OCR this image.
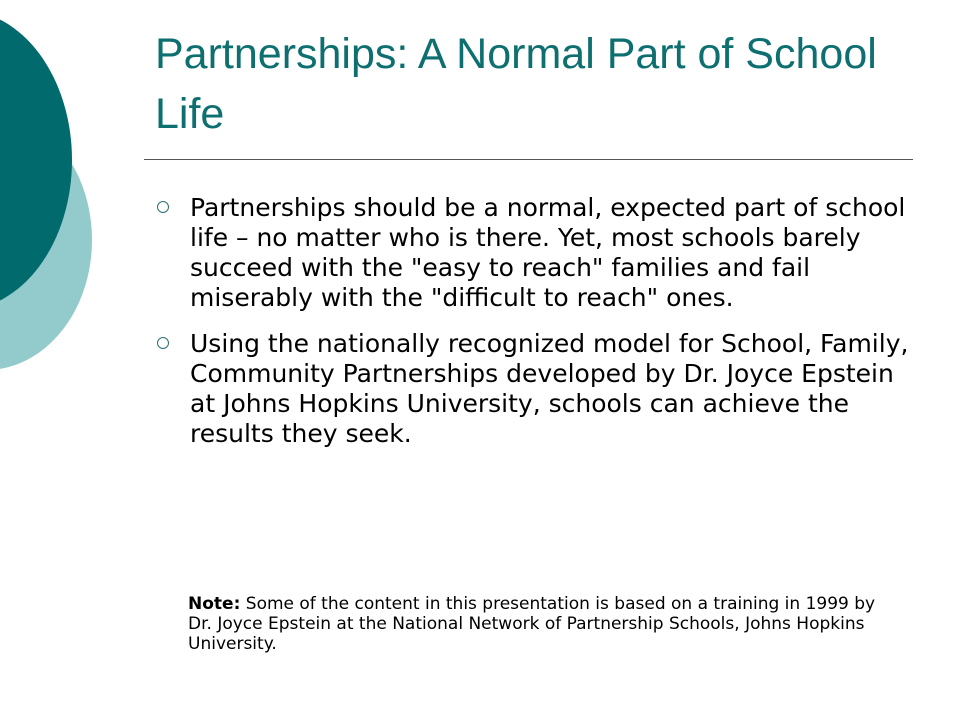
Partnerships: A Normal Part of School Life
Partnerships should be a normal, expected part of school life – no matter who is there. Yet, most schools barely succeed with the "easy to reach" families and fail miserably with the "difficult to reach" ones.
Using the nationally recognized model for School, Family, Community Partnerships developed by Dr. Joyce Epstein at Johns Hopkins University, schools can achieve the results they seek.
Note: Some of the content in this presentation is based on a training in 1999 by Dr. Joyce Epstein at the National Network of Partnership Schools, Johns Hopkins University.
